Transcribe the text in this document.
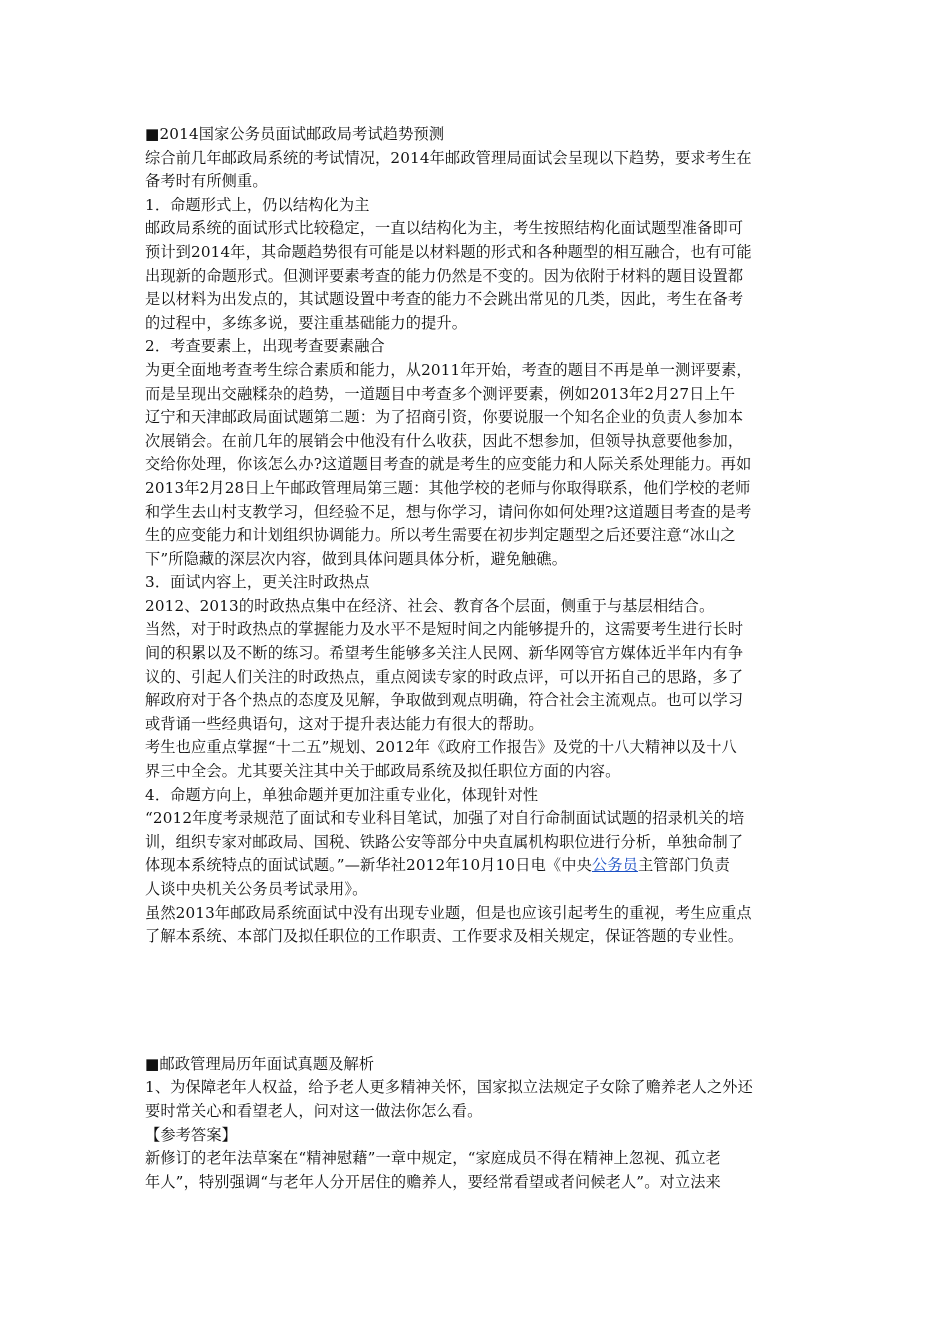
■2014国家公务员面试邮政局考试趋势预测
综合前几年邮政局系统的考试情况，2014年邮政管理局面试会呈现以下趋势，要求考生在
备考时有所侧重。
1．命题形式上，仍以结构化为主
邮政局系统的面试形式比较稳定，一直以结构化为主，考生按照结构化面试题型准备即可
预计到2014年，其命题趋势很有可能是以材料题的形式和各种题型的相互融合，也有可能
出现新的命题形式。但测评要素考查的能力仍然是不变的。因为依附于材料的题目设置都
是以材料为出发点的，其试题设置中考查的能力不会跳出常见的几类，因此，考生在备考
的过程中，多练多说，要注重基础能力的提升。
2．考查要素上，出现考查要素融合
为更全面地考查考生综合素质和能力，从2011年开始，考查的题目不再是单一测评要素，
而是呈现出交融糅杂的趋势，一道题目中考查多个测评要素，例如2013年2月27日上午
辽宁和天津邮政局面试题第二题：为了招商引资，你要说服一个知名企业的负责人参加本
次展销会。在前几年的展销会中他没有什么收获，因此不想参加，但领导执意要他参加，
交给你处理，你该怎么办?这道题目考查的就是考生的应变能力和人际关系处理能力。再如
2013年2月28日上午邮政管理局第三题：其他学校的老师与你取得联系，他们学校的老师
和学生去山村支教学习，但经验不足，想与你学习，请问你如何处理?这道题目考查的是考
生的应变能力和计划组织协调能力。所以考生需要在初步判定题型之后还要注意“冰山之
下”所隐藏的深层次内容，做到具体问题具体分析，避免触礁。
3．面试内容上，更关注时政热点
2012、2013的时政热点集中在经济、社会、教育各个层面，侧重于与基层相结合。
当然，对于时政热点的掌握能力及水平不是短时间之内能够提升的，这需要考生进行长时
间的积累以及不断的练习。希望考生能够多关注人民网、新华网等官方媒体近半年内有争
议的、引起人们关注的时政热点，重点阅读专家的时政点评，可以开拓自己的思路，多了
解政府对于各个热点的态度及见解，争取做到观点明确，符合社会主流观点。也可以学习
或背诵一些经典语句，这对于提升表达能力有很大的帮助。
考生也应重点掌握“十二五”规划、2012年《政府工作报告》及党的十八大精神以及十八
界三中全会。尤其要关注其中关于邮政局系统及拟任职位方面的内容。
4．命题方向上，单独命题并更加注重专业化，体现针对性
“2012年度考录规范了面试和专业科目笔试，加强了对自行命制面试试题的招录机关的培
训，组织专家对邮政局、国税、铁路公安等部分中央直属机构职位进行分析，单独命制了
体现本系统特点的面试试题。”—新华社2012年10月10日电《中央公务员主管部门负责
人谈中央机关公务员考试录用》。
虽然2013年邮政局系统面试中没有出现专业题，但是也应该引起考生的重视，考生应重点
了解本系统、本部门及拟任职位的工作职责、工作要求及相关规定，保证答题的专业性。
■邮政管理局历年面试真题及解析
1、为保障老年人权益，给予老人更多精神关怀，国家拟立法规定子女除了赡养老人之外还
要时常关心和看望老人，问对这一做法你怎么看。
【参考答案】
新修订的老年法草案在“精神慰藉”一章中规定，“家庭成员不得在精神上忽视、孤立老
年人”，特别强调“与老年人分开居住的赡养人，要经常看望或者问候老人”。对立法来
